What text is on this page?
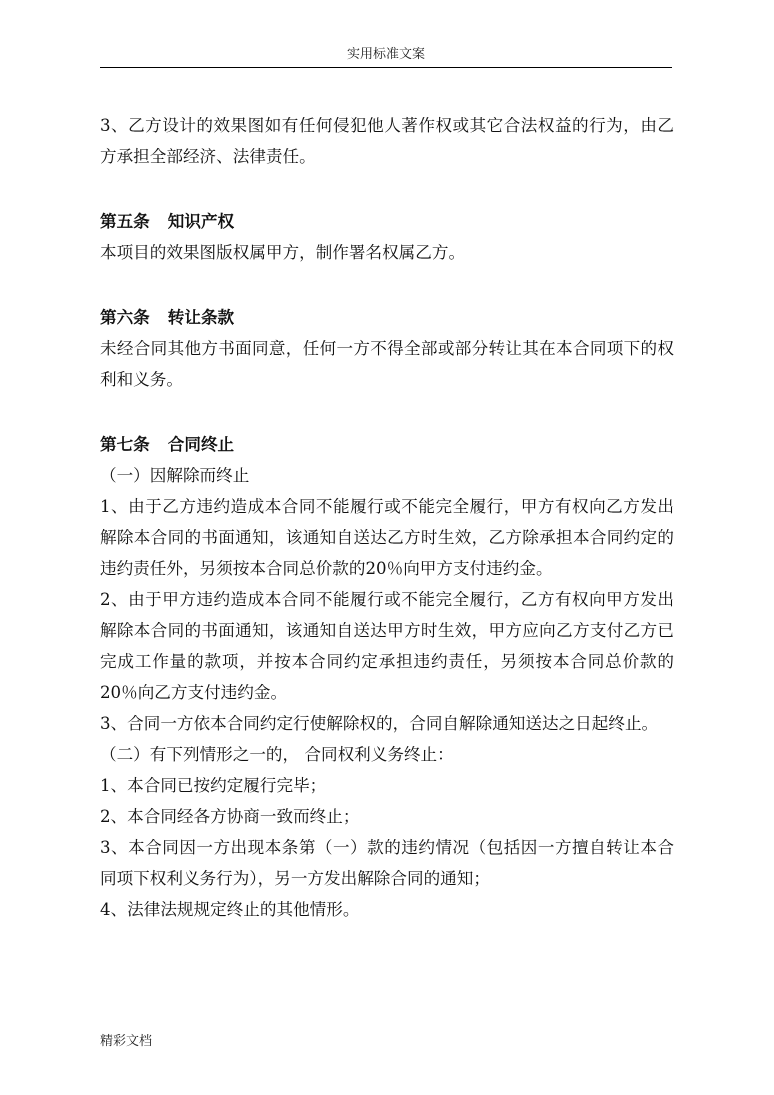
实用标准文案

3、乙方设计的效果图如有任何侵犯他人著作权或其它合法权益的行为，由乙方承担全部经济、法律责任。

第五条 知识产权

本项目的效果图版权属甲方，制作署名权属乙方。

第六条 转让条款

未经合同其他方书面同意，任何一方不得全部或部分转让其在本合同项下的权利和义务。

第七条 合同终止

（一）因解除而终止

1、由于乙方违约造成本合同不能履行或不能完全履行，甲方有权向乙方发出解除本合同的书面通知，该通知自送达乙方时生效，乙方除承担本合同约定的违约责任外，另须按本合同总价款的20％向甲方支付违约金。

2、由于甲方违约造成本合同不能履行或不能完全履行，乙方有权向甲方发出解除本合同的书面通知，该通知自送达甲方时生效，甲方应向乙方支付乙方已完成工作量的款项，并按本合同约定承担违约责任，另须按本合同总价款的20％向乙方支付违约金。

3、合同一方依本合同约定行使解除权的，合同自解除通知送达之日起终止。

（二）有下列情形之一的， 合同权利义务终止：

1、本合同已按约定履行完毕；

2、本合同经各方协商一致而终止；

3、本合同因一方出现本条第（一）款的违约情况（包括因一方擅自转让本合同项下权利义务行为），另一方发出解除合同的通知；

4、法律法规规定终止的其他情形。

精彩文档
